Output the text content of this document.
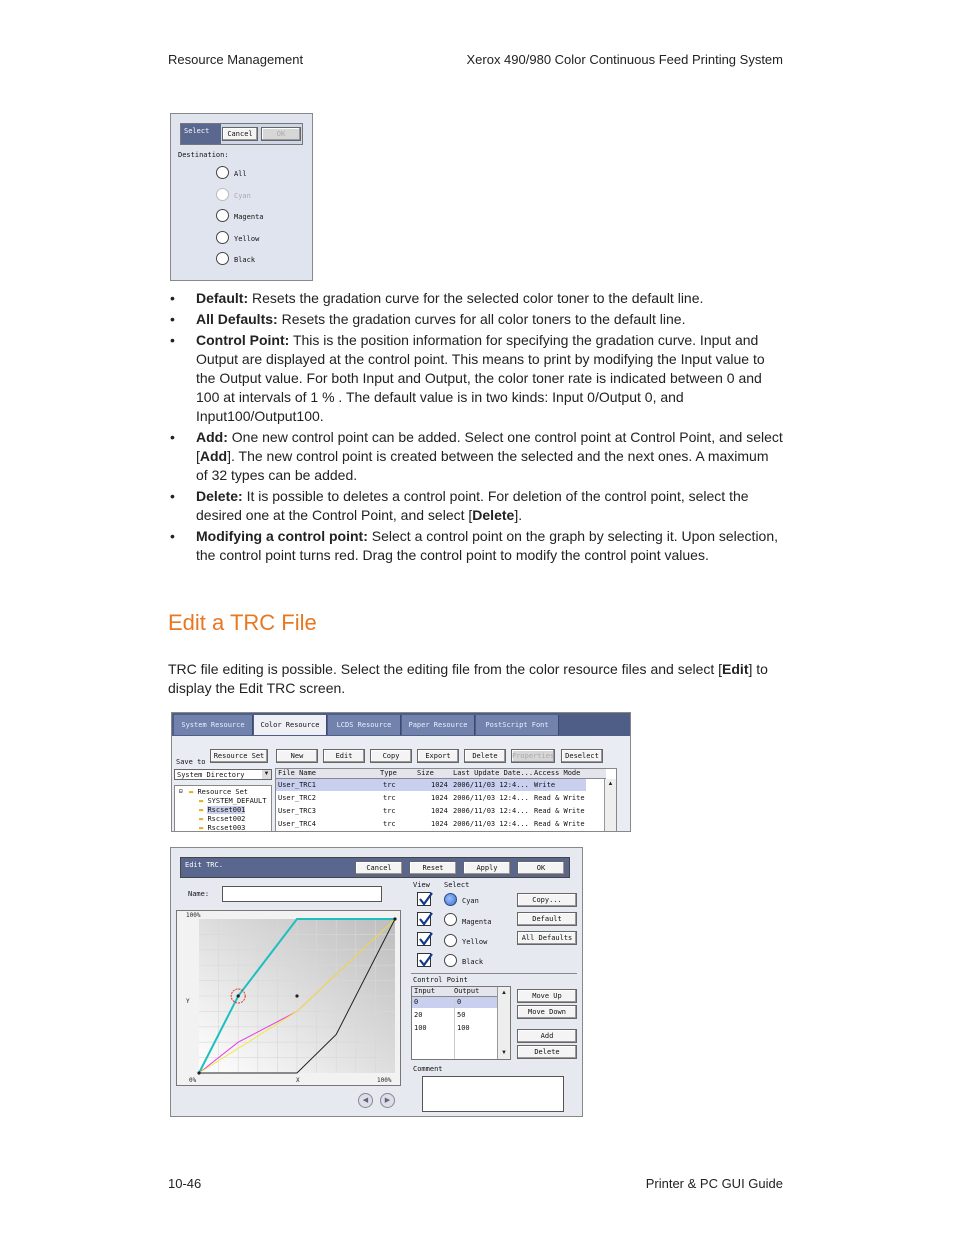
Resource Management	Xerox 490/980 Color Continuous Feed Printing System
10-46	Printer & PC GUI Guide
Select	Cancel	OK
Destination:
All
Cyan
Magenta
Yellow
Black
• Default: Resets the gradation curve for the selected color toner to the default line.
• All Defaults: Resets the gradation curves for all color toners to the default line.
• Control Point: This is the position information for specifying the gradation curve. Input and Output are displayed at the control point. This means to print by modifying the Input value to the Output value. For both Input and Output, the color toner rate is indicated between 0 and 100 at intervals of 1 % . The default value is in two kinds: Input 0/Output 0, and Input100/Output100.
• Add: One new control point can be added. Select one control point at Control Point, and select [Add]. The new control point is created between the selected and the next ones. A maximum of 32 types can be added.
• Delete: It is possible to deletes a control point. For deletion of the control point, select the desired one at the Control Point, and select [Delete].
• Modifying a control point: Select a control point on the graph by selecting it. Upon selection, the control point turns red. Drag the control point to modify the control point values.
Edit a TRC File

TRC file editing is possible. Select the editing file from the color resource files and select [Edit] to display the Edit TRC screen.

System Resource	Color Resource	LCDS Resource	Paper Resource	PostScript Font
Save to
Resource Set	New	Edit	Copy	Export	Delete	Properties	Deselect
System Directory	▼
⊟ ▬ Resource Set
▬ SYSTEM_DEFAULT
▬ Rscset001
▬ Rscset002
▬ Rscset003
File Name	Type	Size	Last Update Date... Access Mode
User_TRC1	trc	1024 2006/11/03 12:4... Write
User_TRC2	trc	1024 2006/11/03 12:4... Read & Write
User_TRC3	trc	1024 2006/11/03 12:4... Read & Write
User_TRC4	trc	1024 2006/11/03 12:4... Read & Write
▲
Edit TRC.	Cancel	Reset	Apply	OK
Name:
100%
Y
0%	X	100%
View Select
Cyan
Magenta
Yellow
Black
Copy...
Default
All Defaults
Control Point
Input	Output
0	0
20	50
100	100
▲
▼
Move Up
Move Down
Add
Delete
Comment
◀	▶
